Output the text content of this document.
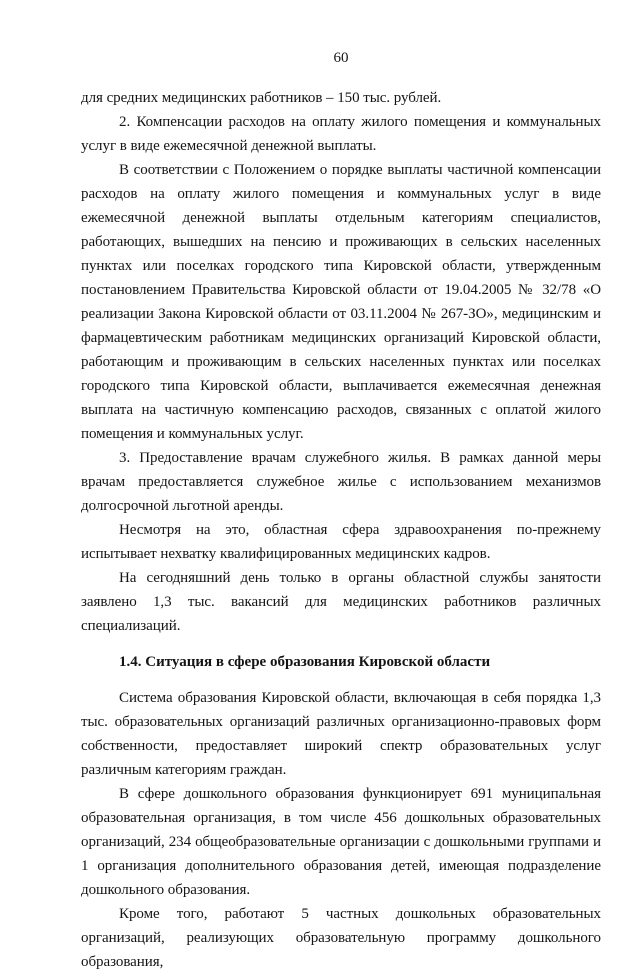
60

для средних медицинских работников – 150 тыс. рублей.

2. Компенсации расходов на оплату жилого помещения и коммунальных услуг в виде ежемесячной денежной выплаты.

В соответствии с Положением о порядке выплаты частичной компенсации расходов на оплату жилого помещения и коммунальных услуг в виде ежемесячной денежной выплаты отдельным категориям специалистов, работающих, вышедших на пенсию и проживающих в сельских населенных пунктах или поселках городского типа Кировской области, утвержденным постановлением Правительства Кировской области от 19.04.2005 № 32/78 «О реализации Закона Кировской области от 03.11.2004 № 267-ЗО», медицинским и фармацевтическим работникам медицинских организаций Кировской области, работающим и проживающим в сельских населенных пунктах или поселках городского типа Кировской области, выплачивается ежемесячная денежная выплата на частичную компенсацию расходов, связанных с оплатой жилого помещения и коммунальных услуг.

3. Предоставление врачам служебного жилья. В рамках данной меры врачам предоставляется служебное жилье с использованием механизмов долгосрочной льготной аренды.

Несмотря на это, областная сфера здравоохранения по-прежнему испытывает нехватку квалифицированных медицинских кадров.

На сегодняшний день только в органы областной службы занятости заявлено 1,3 тыс. вакансий для медицинских работников различных специализаций.

1.4. Ситуация в сфере образования Кировской области

Система образования Кировской области, включающая в себя порядка 1,3 тыс. образовательных организаций различных организационно-правовых форм собственности, предоставляет широкий спектр образовательных услуг различным категориям граждан.

В сфере дошкольного образования функционирует 691 муниципальная образовательная организация, в том числе 456 дошкольных образовательных организаций, 234 общеобразовательные организации с дошкольными группами и 1 организация дополнительного образования детей, имеющая подразделение дошкольного образования.

Кроме того, работают 5 частных дошкольных образовательных организаций, реализующих образовательную программу дошкольного образования,
